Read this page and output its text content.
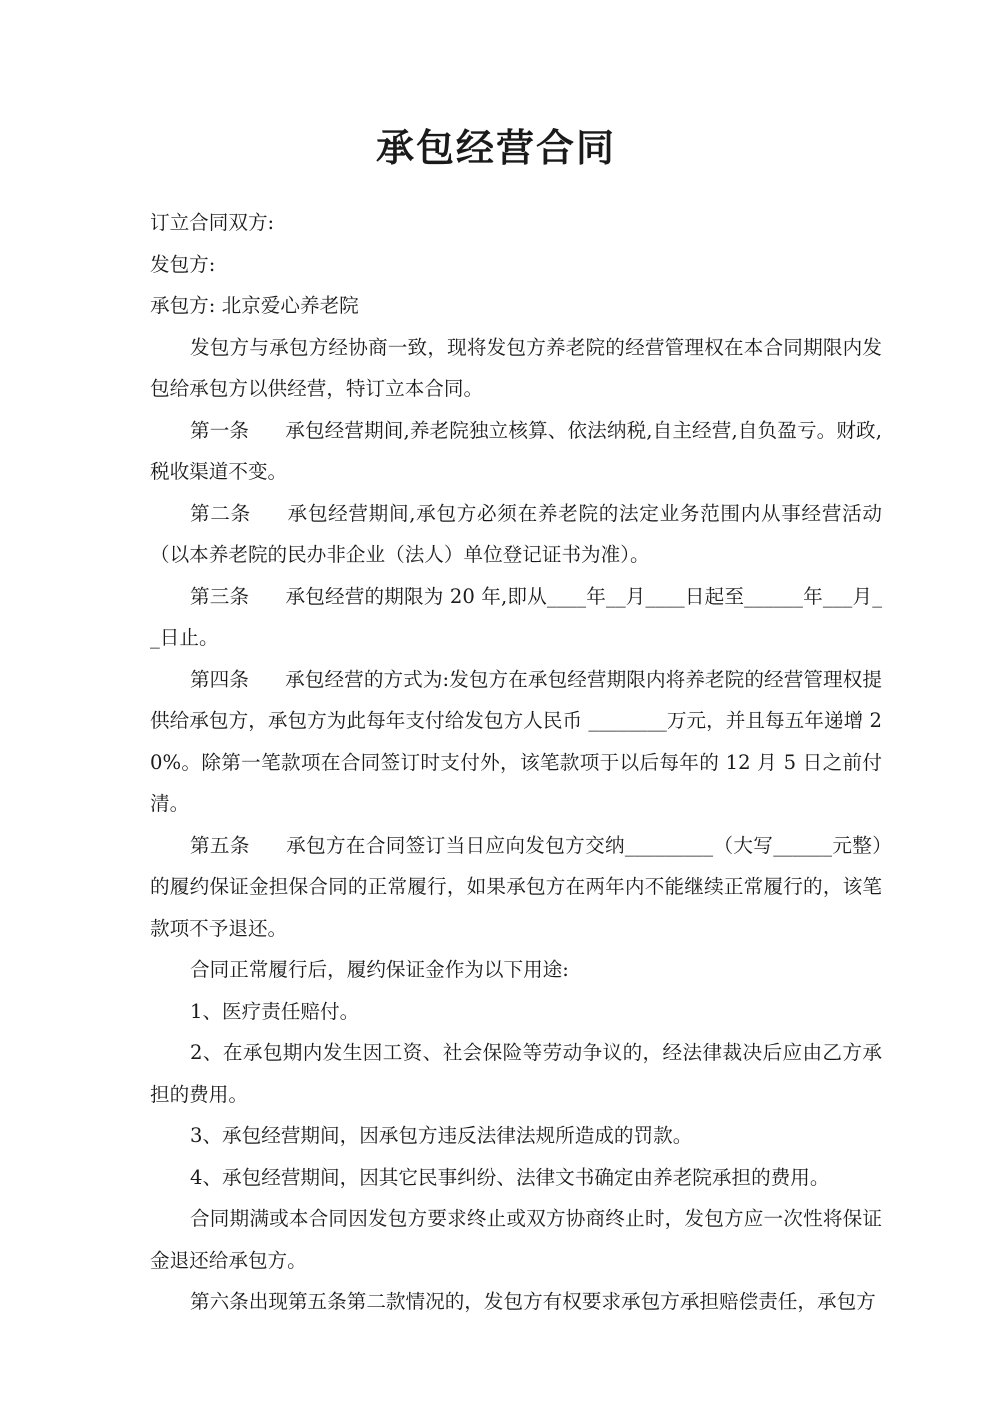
承包经营合同

订立合同双方:

发包方:

承包方: 北京爱心养老院

发包方与承包方经协商一致，现将发包方养老院的经营管理权在本合同期限内发包给承包方以供经营，特订立本合同。

第一条 承包经营期间,养老院独立核算、依法纳税,自主经营,自负盈亏。财政,税收渠道不变。

第二条 承包经营期间,承包方必须在养老院的法定业务范围内从事经营活动（以本养老院的民办非企业（法人）单位登记证书为准）。

第三条 承包经营的期限为 20 年,即从____年__月____日起至______年___月__日止。

第四条 承包经营的方式为:发包方在承包经营期限内将养老院的经营管理权提供给承包方，承包方为此每年支付给发包方人民币 ________万元，并且每五年递增 20%。除第一笔款项在合同签订时支付外，该笔款项于以后每年的 12 月 5 日之前付清。

第五条 承包方在合同签订当日应向发包方交纳_________（大写______元整）的履约保证金担保合同的正常履行，如果承包方在两年内不能继续正常履行的，该笔款项不予退还。

合同正常履行后，履约保证金作为以下用途:

1、医疗责任赔付。

2、在承包期内发生因工资、社会保险等劳动争议的，经法律裁决后应由乙方承担的费用。

3、承包经营期间，因承包方违反法律法规所造成的罚款。

4、承包经营期间，因其它民事纠纷、法律文书确定由养老院承担的费用。

合同期满或本合同因发包方要求终止或双方协商终止时，发包方应一次性将保证金退还给承包方。

第六条出现第五条第二款情况的，发包方有权要求承包方承担赔偿责任，承包方
